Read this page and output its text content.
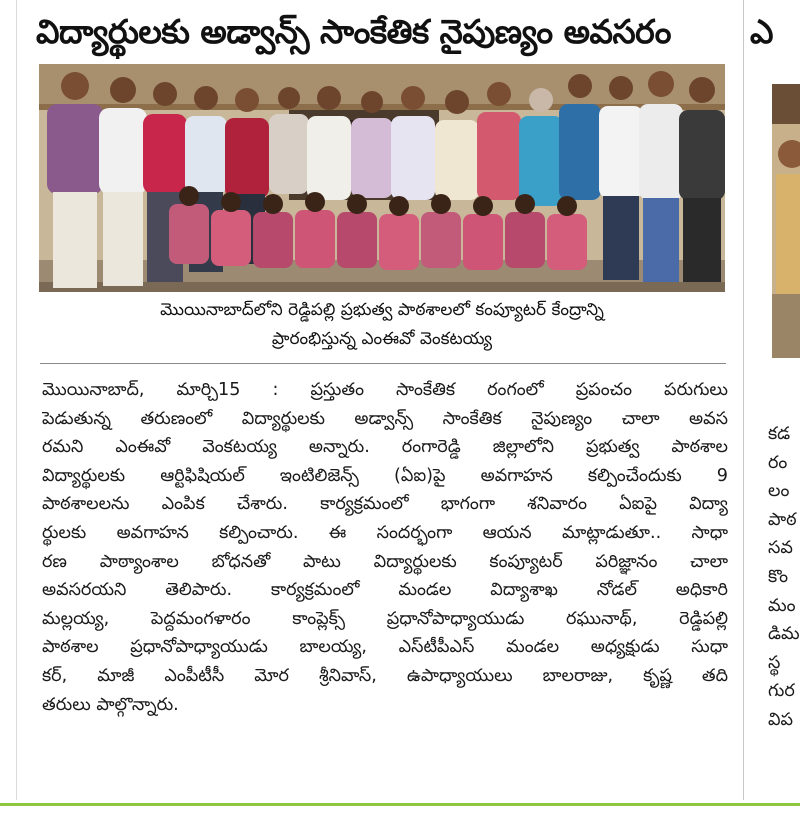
విద్యార్థులకు అడ్వాన్స్ సాంకేతిక నైపుణ్యం అవసరం
మొయినాబాద్‌లోని రెడ్డిపల్లి ప్రభుత్వ పాఠశాలలో కంప్యూటర్ కేంద్రాన్ని
ప్రారంభిస్తున్న ఎంఈవో వెంకటయ్య
మొయినాబాద్, మార్చి15 : ప్రస్తుతం సాంకేతిక రంగంలో ప్రపంచం పరుగులు
పెడుతున్న తరుణంలో విద్యార్థులకు అడ్వాన్స్ సాంకేతిక నైపుణ్యం చాలా అవస
రమని ఎంఈవో వెంకటయ్య అన్నారు. రంగారెడ్డి జిల్లాలోని ప్రభుత్వ పాఠశాల
విద్యార్థులకు ఆర్టిఫిషియల్ ఇంటిలిజెన్స్ (ఏఐ)పై అవగాహన కల్పించేందుకు 9
పాఠశాలలను ఎంపిక చేశారు. కార్యక్రమంలో భాగంగా శనివారం ఏఐపై విద్యా
ర్థులకు అవగాహన కల్పించారు. ఈ సందర్భంగా ఆయన మాట్లాడుతూ.. సాధా
రణ పాఠ్యాంశాల బోధనతో పాటు విద్యార్థులకు కంప్యూటర్ పరిజ్ఞానం చాలా
అవసరయని తెలిపారు. కార్యక్రమంలో మండల విద్యాశాఖ నోడల్ అధికారి
మల్లయ్య, పెద్దమంగళారం కాంప్లెక్స్ ప్రధానోపాధ్యాయుడు రఘునాథ్, రెడ్డిపల్లి
పాఠశాల ప్రధానోపాధ్యాయుడు బాలయ్య, ఎస్‌టీపీఎస్ మండల అధ్యక్షుడు సుధా
కర్, మాజీ ఎంపీటీసీ మోర శ్రీనివాస్, ఉపాధ్యాయులు బాలరాజు, కృష్ణ తది
తరులు పాల్గొన్నారు.
ఎ
కడ
రం
లం
పాఠ
సవ
కొం
మం
డిమ
స్థ
గుర
విప
